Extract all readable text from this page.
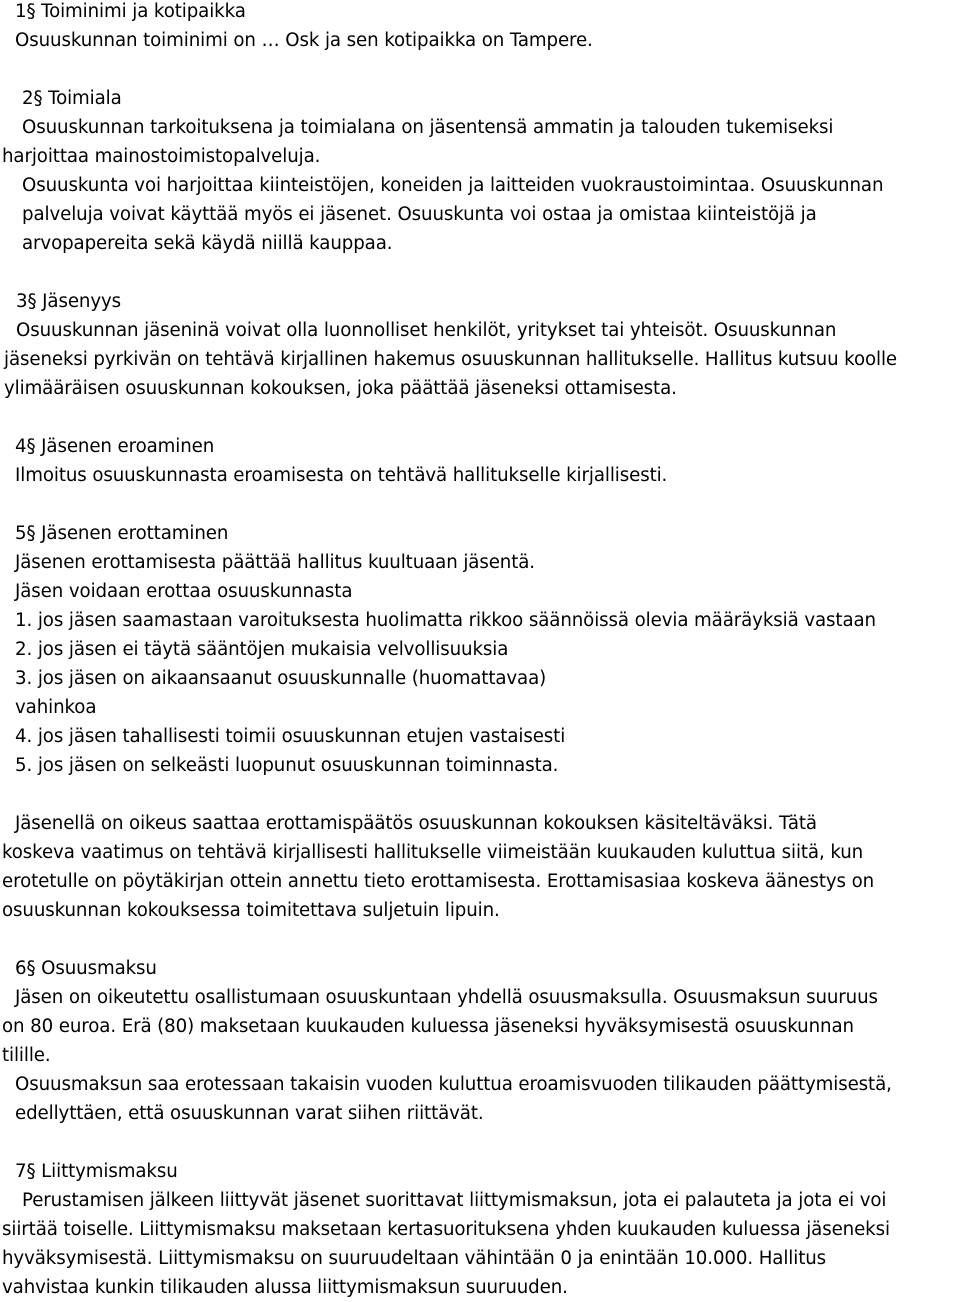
1§ Toiminimi ja kotipaikka
Osuuskunnan toiminimi on … Osk ja sen kotipaikka on Tampere.
2§ Toimiala
Osuuskunnan tarkoituksena ja toimialana on jäsentensä ammatin ja talouden tukemiseksi
harjoittaa mainostoimistopalveluja.
Osuuskunta voi harjoittaa kiinteistöjen, koneiden ja laitteiden vuokraustoimintaa. Osuuskunnan
palveluja voivat käyttää myös ei jäsenet. Osuuskunta voi ostaa ja omistaa kiinteistöjä ja
arvopapereita sekä käydä niillä kauppaa.
3§ Jäsenyys
Osuuskunnan jäseninä voivat olla luonnolliset henkilöt, yritykset tai yhteisöt. Osuuskunnan
jäseneksi pyrkivän on tehtävä kirjallinen hakemus osuuskunnan hallitukselle. Hallitus kutsuu koolle
ylimääräisen osuuskunnan kokouksen, joka päättää jäseneksi ottamisesta.
4§ Jäsenen eroaminen
Ilmoitus osuuskunnasta eroamisesta on tehtävä hallitukselle kirjallisesti.
5§ Jäsenen erottaminen
Jäsenen erottamisesta päättää hallitus kuultuaan jäsentä.
Jäsen voidaan erottaa osuuskunnasta
1. jos jäsen saamastaan varoituksesta huolimatta rikkoo säännöissä olevia määräyksiä vastaan
2. jos jäsen ei täytä sääntöjen mukaisia velvollisuuksia
3. jos jäsen on aikaansaanut osuuskunnalle (huomattavaa)
vahinkoa
4. jos jäsen tahallisesti toimii osuuskunnan etujen vastaisesti
5. jos jäsen on selkeästi luopunut osuuskunnan toiminnasta.
Jäsenellä on oikeus saattaa erottamispäätös osuuskunnan kokouksen käsiteltäväksi. Tätä
koskeva vaatimus on tehtävä kirjallisesti hallitukselle viimeistään kuukauden kuluttua siitä, kun
erotetulle on pöytäkirjan ottein annettu tieto erottamisesta. Erottamisasiaa koskeva äänestys on
osuuskunnan kokouksessa toimitettava suljetuin lipuin.
6§ Osuusmaksu
Jäsen on oikeutettu osallistumaan osuuskuntaan yhdellä osuusmaksulla. Osuusmaksun suuruus
on 80 euroa. Erä (80) maksetaan kuukauden kuluessa jäseneksi hyväksymisestä osuuskunnan
tilille.
Osuusmaksun saa erotessaan takaisin vuoden kuluttua eroamisvuoden tilikauden päättymisestä,
edellyttäen, että osuuskunnan varat siihen riittävät.
7§ Liittymismaksu
Perustamisen jälkeen liittyvät jäsenet suorittavat liittymismaksun, jota ei palauteta ja jota ei voi
siirtää toiselle. Liittymismaksu maksetaan kertasuorituksena yhden kuukauden kuluessa jäseneksi
hyväksymisestä. Liittymismaksu on suuruudeltaan vähintään 0 ja enintään 10.000. Hallitus
vahvistaa kunkin tilikauden alussa liittymismaksun suuruuden.
